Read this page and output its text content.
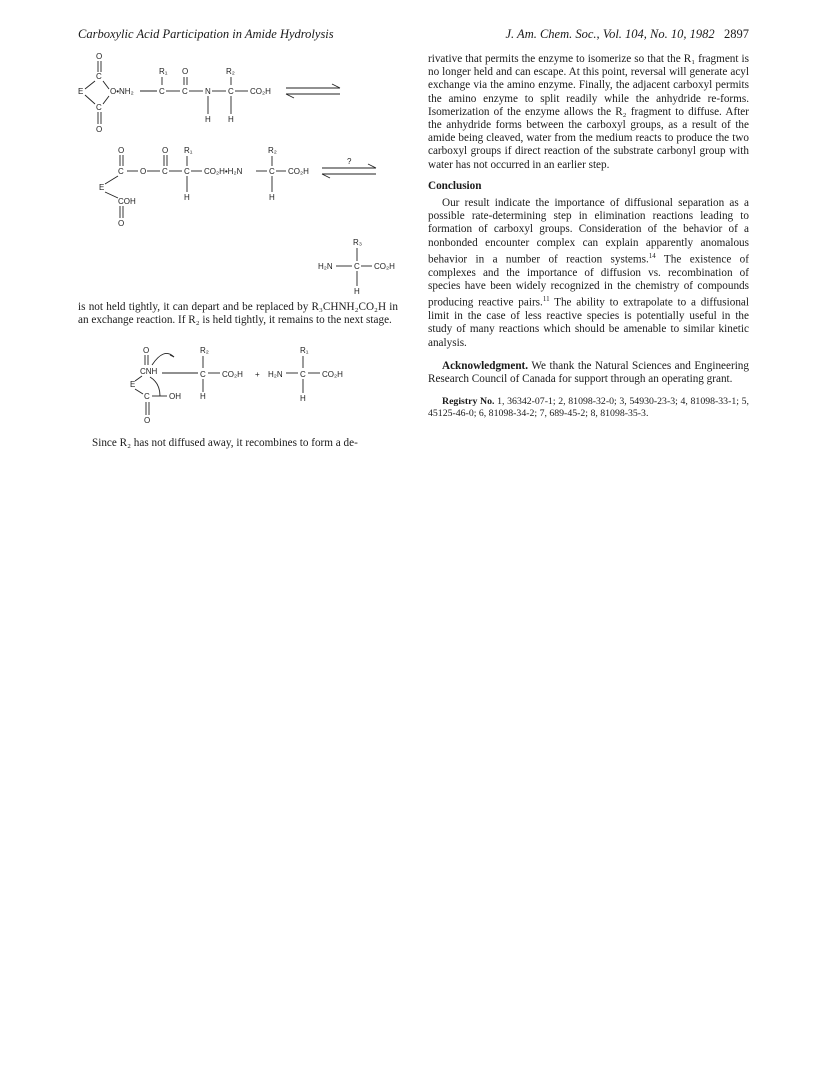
Carboxylic Acid Participation in Amide Hydrolysis	J. Am. Chem. Soc., Vol. 104, No. 10, 1982 2897
O
C
E
C
O
O•NH₂	C
R₁ O
C N
H
C
R₂
H
CO₂H
O
C O C
O
C
R₁
H
CO₂H•H₂N	C
R₂
H
CO₂H
E
COH
O
?
R₃
H₂N	C CO₂H
H

is not held tightly, it can depart and be replaced by R₃CHNH₂CO₂H in an exchange reaction. If R₂ is held tightly, it remains to the next stage.

O
CNH
E
C OH
O
C
R₂
H
CO₂H + H₂N C
R₁
H
CO₂H

Since R₂ has not diffused away, it recombines to form a de-

rivative that permits the enzyme to isomerize so that the R₁ fragment is no longer held and can escape. At this point, reversal will generate acyl exchange via the amino enzyme. Finally, the adjacent carboxyl permits the amino enzyme to split readily while the anhydride re-forms. Isomerization of the enzyme allows the R₂ fragment to diffuse. After the anhydride forms between the carboxyl groups, as a result of the amide being cleaved, water from the medium reacts to produce the two carboxyl groups if direct reaction of the substrate carbonyl group with water has not occurred in an earlier step.

Conclusion

Our result indicate the importance of diffusional separation as a possible rate-determining step in elimination reactions leading to formation of carboxyl groups. Consideration of the behavior of a nonbonded encounter complex can explain apparently anomalous behavior in a number of reaction systems.$^{14}$ The existence of complexes and the importance of diffusion vs. recombination of species have been widely recognized in the chemistry of compounds producing reactive pairs.$^{11}$ The ability to extrapolate to a diffusional limit in the case of less reactive species is potentially useful in the study of many reactions which should be amenable to similar kinetic analysis.

Acknowledgment. We thank the Natural Sciences and Engineering Research Council of Canada for support through an operating grant.

Registry No. 1, 36342-07-1; 2, 81098-32-0; 3, 54930-23-3; 4, 81098-33-1; 5, 45125-46-0; 6, 81098-34-2; 7, 689-45-2; 8, 81098-35-3.
